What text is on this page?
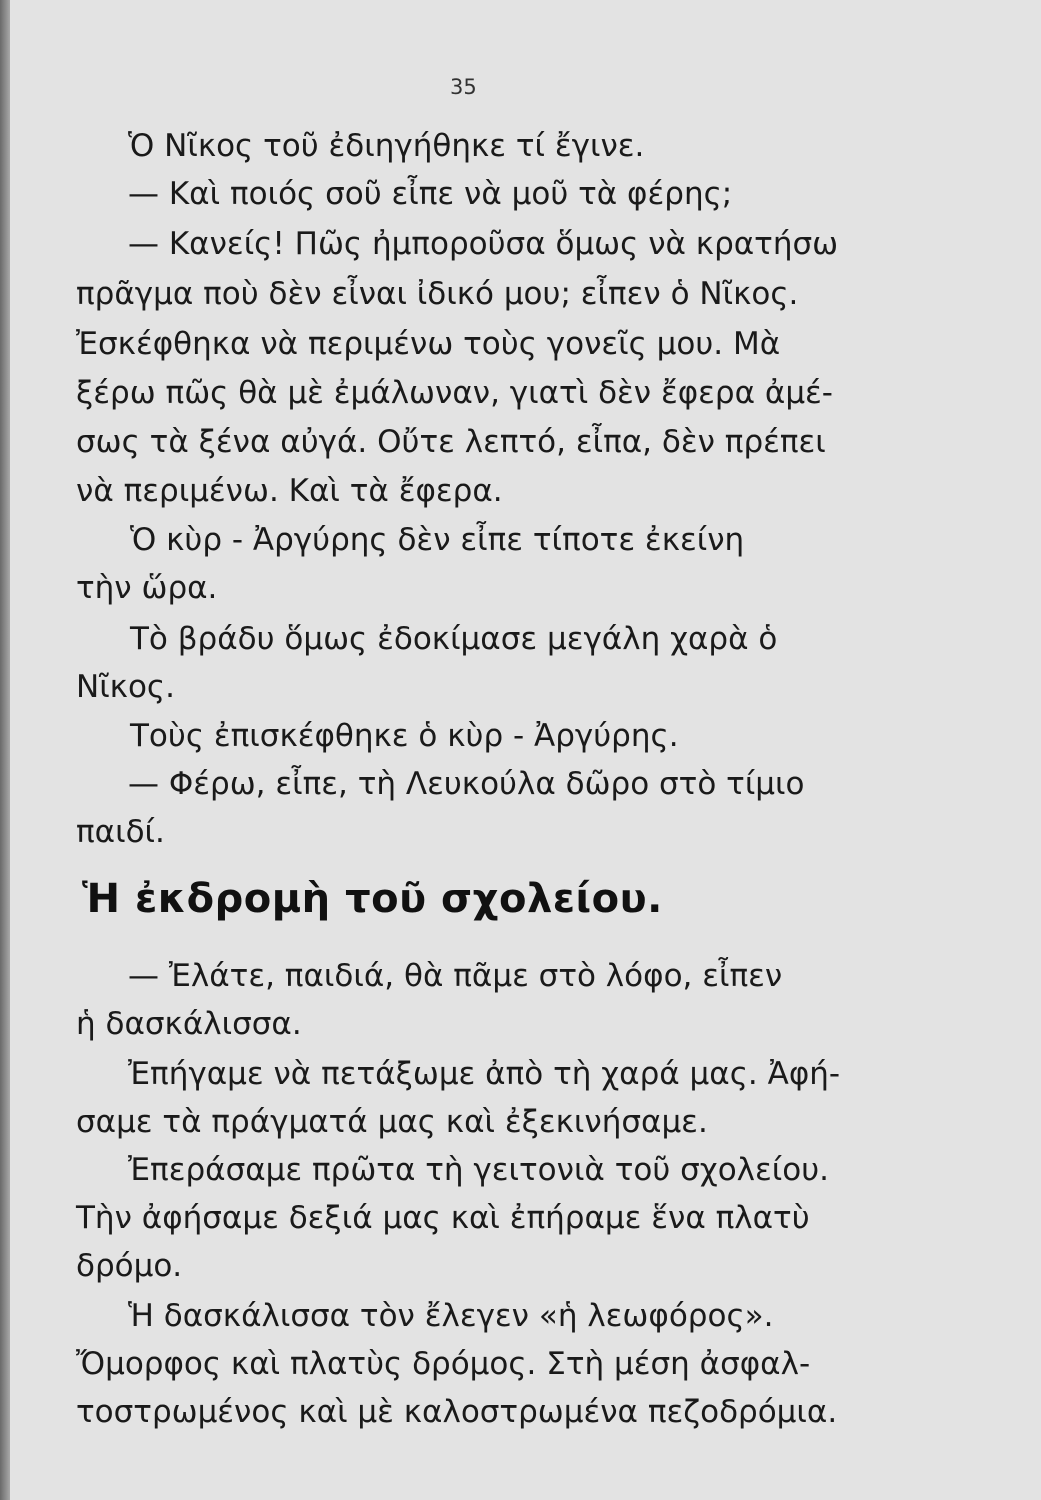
35
Ὁ Νῖκος τοῦ ἐδιηγήθηκε τί ἔγινε.
— Καὶ ποιός σοῦ εἶπε νὰ μοῦ τὰ φέρης;
— Κανείς! Πῶς ἠμποροῦσα ὅμως νὰ κρατήσω
πρᾶγμα ποὺ δὲν εἶναι ἰδικό μου; εἶπεν ὁ Νῖκος.
Ἐσκέφθηκα νὰ περιμένω τοὺς γονεῖς μου. Μὰ
ξέρω πῶς θὰ μὲ ἐμάλωναν, γιατὶ δὲν ἔφερα ἀμέ-
σως τὰ ξένα αὐγά. Οὔτε λεπτό, εἶπα, δὲν πρέπει
νὰ περιμένω. Καὶ τὰ ἔφερα.
Ὁ κὺρ - Ἀργύρης δὲν εἶπε τίποτε ἐκείνη
τὴν ὥρα.
Τὸ βράδυ ὅμως ἐδοκίμασε μεγάλη χαρὰ ὁ
Νῖκος.
Τοὺς ἐπισκέφθηκε ὁ κὺρ - Ἀργύρης.
— Φέρω, εἶπε, τὴ Λευκούλα δῶρο στὸ τίμιο
παιδί.
Ἡ ἐκδρομὴ τοῦ σχολείου.
— Ἐλάτε, παιδιά, θὰ πᾶμε στὸ λόφο, εἶπεν
ἡ δασκάλισσα.
Ἐπήγαμε νὰ πετάξωμε ἀπὸ τὴ χαρά μας. Ἀφή-
σαμε τὰ πράγματά μας καὶ ἐξεκινήσαμε.
Ἐπεράσαμε πρῶτα τὴ γειτονιὰ τοῦ σχολείου.
Τὴν ἀφήσαμε δεξιά μας καὶ ἐπήραμε ἕνα πλατὺ
δρόμο.
Ἡ δασκάλισσα τὸν ἔλεγεν «ἡ λεωφόρος».
Ὄμορφος καὶ πλατὺς δρόμος. Στὴ μέση ἀσφαλ-
τοστρωμένος καὶ μὲ καλοστρωμένα πεζοδρόμια.
